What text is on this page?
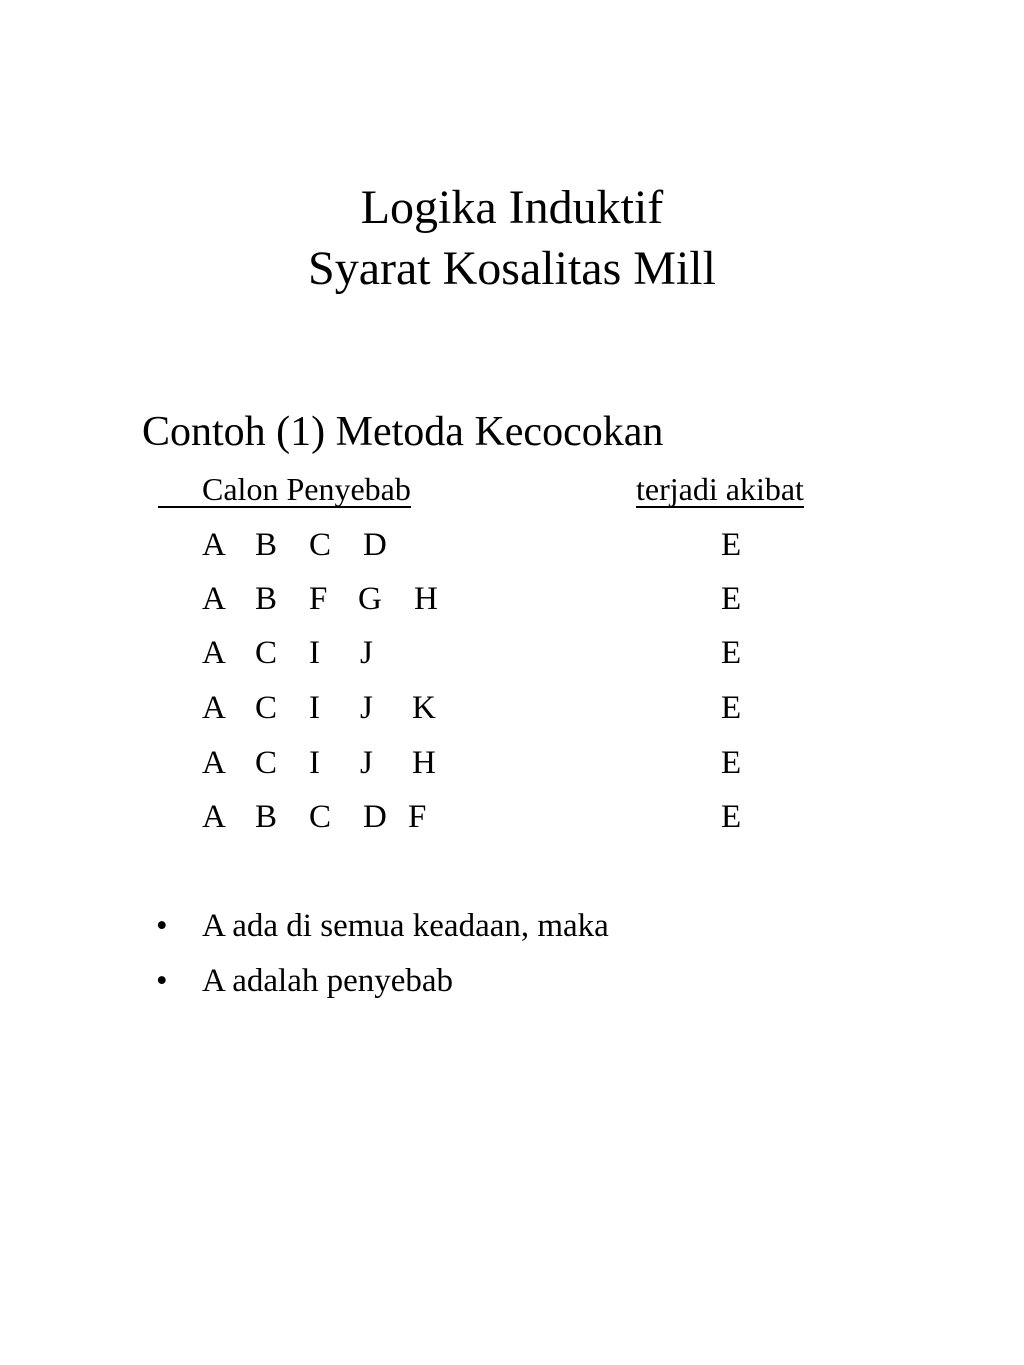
Logika Induktif
Syarat Kosalitas Mill
Contoh (1) Metoda Kecocokan
Calon Penyebab	terjadi akibat
A B C D	E
A B F G H	E
A C I J	E
A C I J K	E
A C I J H	E
A B C D F	E
• A ada di semua keadaan, maka
• A adalah penyebab
